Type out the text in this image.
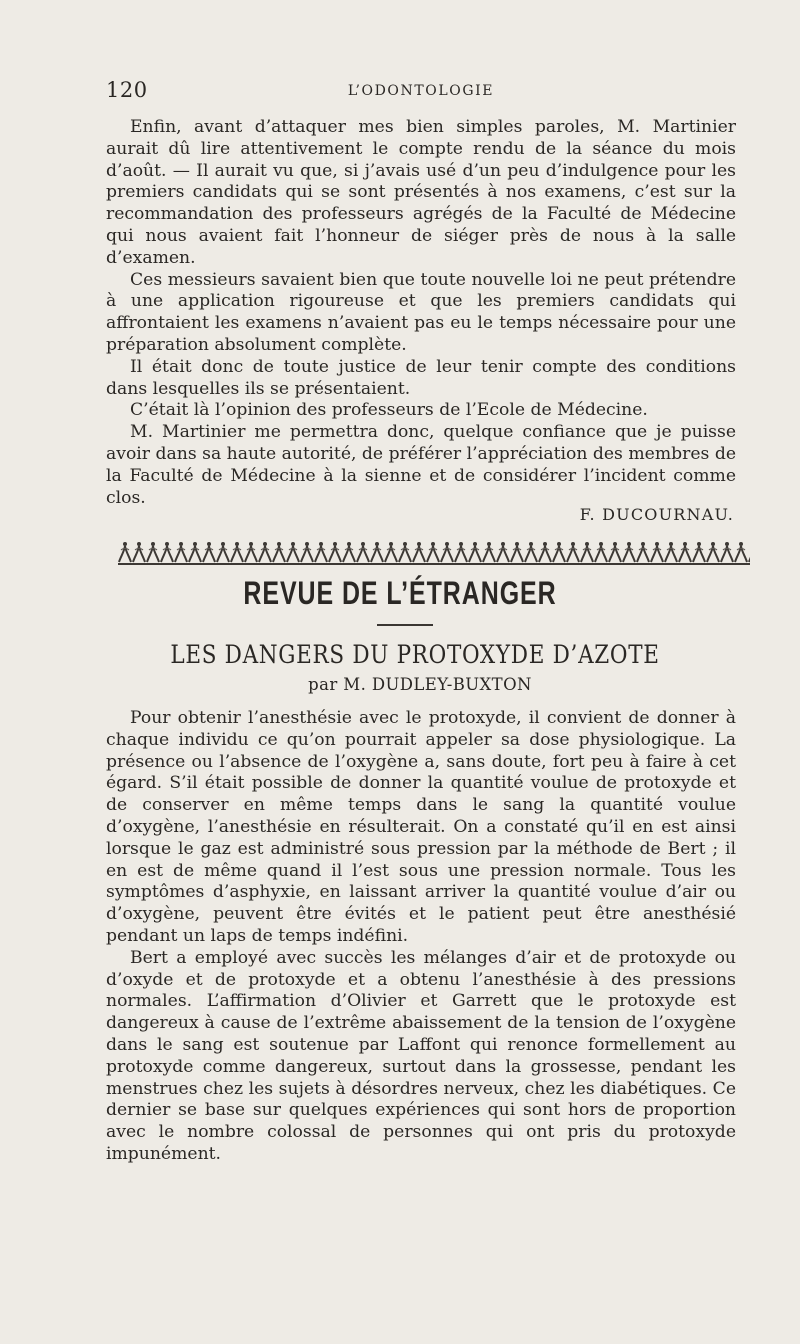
120	L’ODONTOLOGIE

Enfin, avant d’attaquer mes bien simples paroles, M. Martinier aurait dû lire attentivement le compte rendu de la séance du mois d’août. — Il aurait vu que, si j’avais usé d’un peu d’indulgence pour les premiers candidats qui se sont présentés à nos examens, c’est sur la recommandation des professeurs agrégés de la Faculté de Médecine qui nous avaient fait l’honneur de siéger près de nous à la salle d’examen.

Ces messieurs savaient bien que toute nouvelle loi ne peut prétendre à une application rigoureuse et que les premiers candidats qui affrontaient les examens n’avaient pas eu le temps nécessaire pour une préparation absolument complète.

Il était donc de toute justice de leur tenir compte des conditions dans lesquelles ils se présentaient.

C’était là l’opinion des professeurs de l’Ecole de Médecine.

M. Martinier me permettra donc, quelque confiance que je puisse avoir dans sa haute autorité, de préférer l’appréciation des membres de la Faculté de Médecine à la sienne et de considérer l’incident comme clos.

F. DUCOURNAU.
REVUE DE L’ÉTRANGER
LES DANGERS DU PROTOXYDE D’AZOTE
par M. DUDLEY-BUXTON

Pour obtenir l’anesthésie avec le protoxyde, il convient de donner à chaque individu ce qu’on pourrait appeler sa dose physiologique. La présence ou l’absence de l’oxygène a, sans doute, fort peu à faire à cet égard. S’il était possible de donner la quantité voulue de protoxyde et de conserver en même temps dans le sang la quantité voulue d’oxygène, l’anesthésie en résulterait. On a constaté qu’il en est ainsi lorsque le gaz est administré sous pression par la méthode de Bert ; il en est de même quand il l’est sous une pression normale. Tous les symptômes d’asphyxie, en laissant arriver la quantité voulue d’air ou d’oxygène, peuvent être évités et le patient peut être anesthésié pendant un laps de temps indéfini.

Bert a employé avec succès les mélanges d’air et de protoxyde ou d’oxyde et de protoxyde et a obtenu l’anesthésie à des pressions normales. L’affirmation d’Olivier et Garrett que le protoxyde est dangereux à cause de l’extrême abaissement de la tension de l’oxygène dans le sang est soutenue par Laffont qui renonce formellement au protoxyde comme dangereux, surtout dans la grossesse, pendant les menstrues chez les sujets à désordres nerveux, chez les diabétiques. Ce dernier se base sur quelques expériences qui sont hors de proportion avec le nombre colossal de personnes qui ont pris du protoxyde impunément.
